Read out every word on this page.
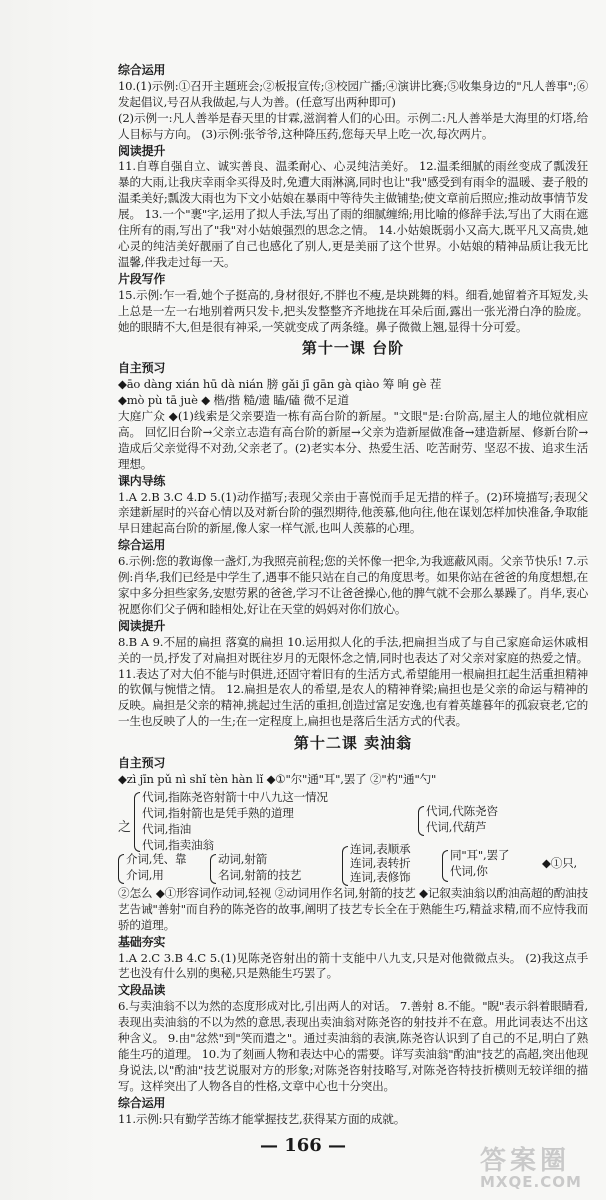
综合运用

10.(1)示例:①召开主题班会;②板报宣传;③校园广播;④演讲比赛;⑤收集身边的"凡人善事";⑥发起倡议,号召从我做起,与人为善。(任意写出两种即可)

(2)示例一:凡人善举是春天里的甘霖,滋润着人们的心田。示例二:凡人善举是大海里的灯塔,给人目标与方向。 (3)示例:张爷爷,这种降压药,您每天早上吃一次,每次两片。

阅读提升

11.自尊自强自立、诚实善良、温柔耐心、心灵纯洁美好。 12.温柔细腻的雨丝变成了瓢泼狂暴的大雨,让我庆幸雨伞买得及时,免遭大雨淋漓,同时也让"我"感受到有雨伞的温暖、妻子般的温柔美好;瓢泼大雨也为下文小姑娘在暴雨中等待失主做铺垫;使文章前后照应;推动故事情节发展。 13.一个"裹"字,运用了拟人手法,写出了雨的细腻缠绵;用比喻的修辞手法,写出了大雨在遮住所有的雨,写出了"我"对小姑娘强烈的思念之情。 14.小姑娘既弱小又高大,既平凡又高贵,她心灵的纯洁美好靓丽了自己也感化了别人,更是美丽了这个世界。小姑娘的精神品质让我无比温馨,伴我走过每一天。

片段写作

15.示例:乍一看,她个子挺高的,身材很好,不胖也不瘦,是块跳舞的料。细看,她留着齐耳短发,头上总是一左一右地别着两只发卡,把头发整整齐齐地拢在耳朵后面,露出一张光滑白净的脸庞。她的眼睛不大,但是很有神采,一笑就变成了两条缝。鼻子微微上翘,显得十分可爱。

第十一课 台阶
自主预习

◆āo dàng xián hū dà nián 膀 gǎi jī gān gà qiào 筹 晌 gè 茬

◆mò pù tā juè ◆ 楷/揩 糙/遗 瞌/磕 微不足道

大庭广众 ◆(1)线索是父亲要造一栋有高台阶的新屋。"文眼"是:台阶高,屋主人的地位就相应高。 回忆旧台阶→父亲立志造有高台阶的新屋→父亲为造新屋做准备→建造新屋、修新台阶→造成后父亲觉得不对劲,父亲老了。(2)老实本分、热爱生活、吃苦耐劳、坚忍不拔、追求生活理想。

课内导练

1.A 2.B 3.C 4.D 5.(1)动作描写;表现父亲由于喜悦而手足无措的样子。(2)环境描写;表现父亲建新屋时的兴奋心情以及对新台阶的强烈期待,他羡慕,他向往,他在谋划怎样加快准备,争取能早日建起高台阶的新屋,像人家一样气派,也叫人羡慕的心理。

综合运用

6.示例:您的教诲像一盏灯,为我照亮前程;您的关怀像一把伞,为我遮蔽风雨。父亲节快乐! 7.示例:肖华,我们已经是中学生了,遇事不能只站在自己的角度思考。如果你站在爸爸的角度想想,在家中多分担些家务,安慰劳累的爸爸,学习不让爸爸操心,他的脾气就不会那么暴躁了。肖华,衷心祝愿你们父子俩和睦相处,好让在天堂的妈妈对你们放心。

阅读提升

8.B A 9.不屈的扁担 落寞的扁担 10.运用拟人化的手法,把扁担当成了与自己家庭命运休戚相关的一员,抒发了对扁担对既往岁月的无限怀念之情,同时也表达了对父亲对家庭的热爱之情。 11.表达了对大伯不能与时俱进,还固守着旧有的生活方式,希望能用一根扁担扛起生活重担精神的钦佩与惋惜之情。 12.扁担是农人的希望,是农人的精神脊梁;扁担也是父亲的命运与精神的反映。扁担是父亲的精神,挑起过生活的重担,创造过富足安逸,也有着英雄暮年的孤寂衰老,它的一生也反映了人的一生;在一定程度上,扁担也是落后生活方式的代表。

第十二课 卖油翁
自主预习

◆zì jīn pǔ nì shǐ tèn hàn lǐ ◆①"尔"通"耳",罢了 ②"杓"通"勺"

之
代词,指陈尧咨射箭十中八九这一情况
代词,指射箭也是凭手熟的道理
代词,指油
代词,指卖油翁
代词,代陈尧咨
代词,代葫芦
介词,凭、靠
介词,用
动词,射箭
名词,射箭的技艺
连词,表顺承
连词,表转折
连词,表修饰
同"耳",罢了
代词,你
◆①只,

②怎么 ◆①形容词作动词,轻视 ②动词用作名词,射箭的技艺 ◆记叙卖油翁以酌油高超的酌油技艺告诫"善射"而自矜的陈尧咨的故事,阐明了技艺专长全在于熟能生巧,精益求精,而不应恃我而骄的道理。

基础夯实

1.A 2.C 3.B 4.C 5.(1)见陈尧咨射出的箭十支能中八九支,只是对他微微点头。 (2)我这点手艺也没有什么别的奥秘,只是熟能生巧罢了。

文段品读

6.与卖油翁不以为然的态度形成对比,引出两人的对话。 7.善射 8.不能。"睨"表示斜着眼睛看,表现出卖油翁的不以为然的意思,表现出卖油翁对陈尧咨的射技并不在意。用此词表达不出这种含义。 9.由"忿然"到"笑而遣之"。通过卖油翁的表演,陈尧咨认识到了自己的不足,明白了熟能生巧的道理。 10.为了刻画人物和表达中心的需要。详写卖油翁"酌油"技艺的高超,突出他现身说法,以"酌油"技艺说服对方的形象;对陈尧咨射技略写,对陈尧咨特技折横则无较详细的描写。这样突出了人物各自的性格,文章中心也十分突出。

综合运用

11.示例:只有勤学苦练才能掌握技艺,获得某方面的成就。

— 166 —
答案圈
MXQE.COM
